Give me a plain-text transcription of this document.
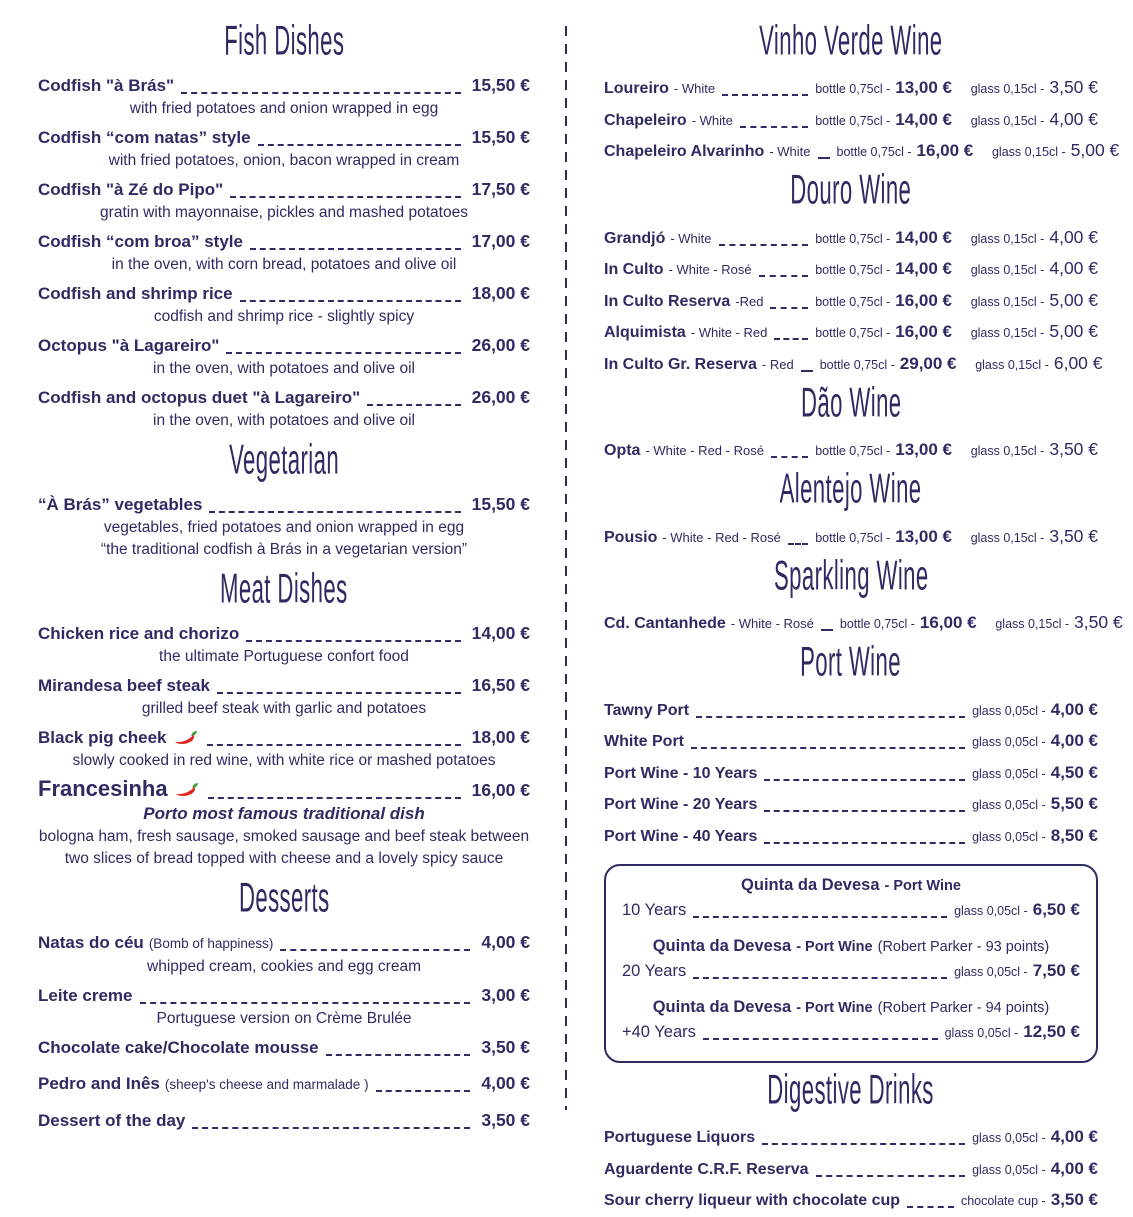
Fish Dishes
Codfish "à Brás"	15,50 €
with fried potatoes and onion wrapped in egg
Codfish “com natas” style	15,50 €
with fried potatoes, onion, bacon wrapped in cream
Codfish "à Zé do Pipo"	17,50 €
gratin with mayonnaise, pickles and mashed potatoes
Codfish “com broa” style	17,00 €
in the oven, with corn bread, potatoes and olive oil
Codfish and shrimp rice	18,00 €
codfish and shrimp rice - slightly spicy
Octopus "à Lagareiro"	26,00 €
in the oven, with potatoes and olive oil
Codfish and octopus duet "à Lagareiro"	26,00 €
in the oven, with potatoes and olive oil
Vegetarian
“À Brás” vegetables	15,50 €
vegetables, fried potatoes and onion wrapped in egg
“the traditional codfish à Brás in a vegetarian version”
Meat Dishes
Chicken rice and chorizo	14,00 €
the ultimate Portuguese confort food
Mirandesa beef steak	16,50 €
grilled beef steak with garlic and potatoes
Black pig cheek	18,00 €
slowly cooked in red wine, with white rice or mashed potatoes
Francesinha	16,00 €
Porto most famous traditional dish
bologna ham, fresh sausage, smoked sausage and beef steak between
two slices of bread topped with cheese and a lovely spicy sauce
Desserts
Natas do céu (Bomb of happiness)	4,00 €
whipped cream, cookies and egg cream
Leite creme	3,00 €
Portuguese version on Crème Brulée
Chocolate cake/Chocolate mousse	3,50 €
Pedro and Inês (sheep's cheese and marmalade )	4,00 €
Dessert of the day	3,50 €
Vinho Verde Wine
Loureiro - White	bottle 0,75cl - 13,00 € glass 0,15cl - 3,50 €
Chapeleiro - White	bottle 0,75cl - 14,00 € glass 0,15cl - 4,00 €
Chapeleiro Alvarinho - White bottle 0,75cl - 16,00 € glass 0,15cl - 5,00 €
Douro Wine
Grandjó - White	bottle 0,75cl - 14,00 € glass 0,15cl - 4,00 €
In Culto - White - Rosé	bottle 0,75cl - 14,00 € glass 0,15cl - 4,00 €
In Culto Reserva -Red	bottle 0,75cl - 16,00 € glass 0,15cl - 5,00 €
Alquimista - White - Red	bottle 0,75cl - 16,00 € glass 0,15cl - 5,00 €
In Culto Gr. Reserva - Red bottle 0,75cl - 29,00 € glass 0,15cl - 6,00 €
Dão Wine
Opta - White - Red - Rosé	bottle 0,75cl - 13,00 € glass 0,15cl - 3,50 €
Alentejo Wine
Pousio - White - Red - Rosé	bottle 0,75cl - 13,00 € glass 0,15cl - 3,50 €
Sparkling Wine
Cd. Cantanhede - White - Rosé bottle 0,75cl - 16,00 € glass 0,15cl - 3,50 €
Port Wine
Tawny Port	glass 0,05cl - 4,00 €
White Port	glass 0,05cl - 4,00 €
Port Wine - 10 Years	glass 0,05cl - 4,50 €
Port Wine - 20 Years	glass 0,05cl - 5,50 €
Port Wine - 40 Years	glass 0,05cl - 8,50 €
Quinta da Devesa - Port Wine
10 Years	glass 0,05cl - 6,50 €
Quinta da Devesa - Port Wine (Robert Parker - 93 points)
20 Years	glass 0,05cl - 7,50 €
Quinta da Devesa - Port Wine (Robert Parker - 94 points)
+40 Years	glass 0,05cl - 12,50 €
Digestive Drinks
Portuguese Liquors	glass 0,05cl - 4,00 €
Aguardente C.R.F. Reserva	glass 0,05cl - 4,00 €
Sour cherry liqueur with chocolate cup	chocolate cup - 3,50 €
